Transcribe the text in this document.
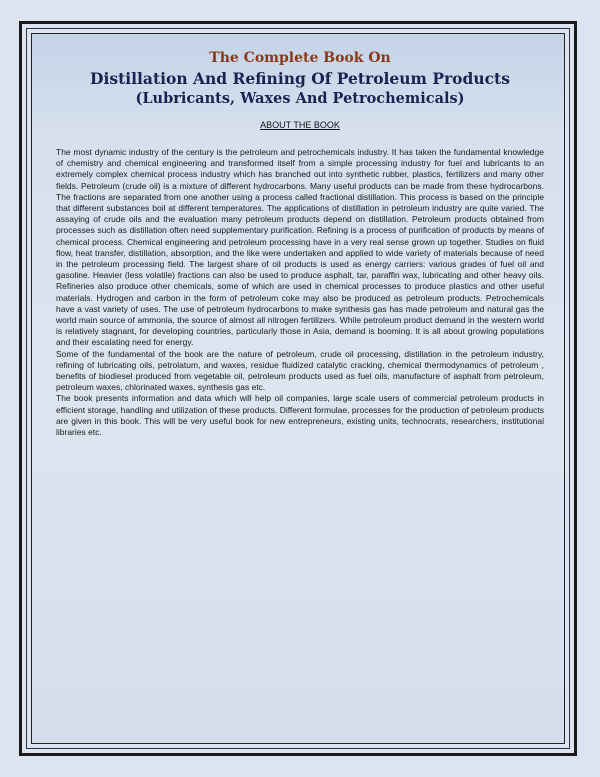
The Complete Book On

Distillation And Refining Of Petroleum Products

(Lubricants, Waxes And Petrochemicals)

ABOUT THE BOOK

The most dynamic industry of the century is the petroleum and petrochemicals industry. It has taken the fundamental knowledge of chemistry and chemical engineering and transformed itself from a simple processing industry for fuel and lubricants to an extremely complex chemical process industry which has branched out into synthetic rubber, plastics, fertilizers and many other fields. Petroleum (crude oil) is a mixture of different hydrocarbons. Many useful products can be made from these hydrocarbons. The fractions are separated from one another using a process called fractional distillation. This process is based on the principle that different substances boil at different temperatures. The applications of distillation in petroleum industry are quite varied. The assaying of crude oils and the evaluation many petroleum products depend on distillation. Petroleum products obtained from processes such as distillation often need supplementary purification. Refining is a process of purification of products by means of chemical process. Chemical engineering and petroleum processing have in a very real sense grown up together. Studies on fluid flow, heat transfer, distillation, absorption, and the like were undertaken and applied to wide variety of materials because of need in the petroleum processing field. The largest share of oil products is used as energy carriers: various grades of fuel oil and gasoline. Heavier (less volatile) fractions can also be used to produce asphalt, tar, paraffin wax, lubricating and other heavy oils. Refineries also produce other chemicals, some of which are used in chemical processes to produce plastics and other useful materials. Hydrogen and carbon in the form of petroleum coke may also be produced as petroleum products. Petrochemicals have a vast variety of uses. The use of petroleum hydrocarbons to make synthesis gas has made petroleum and natural gas the world main source of ammonia, the source of almost all nitrogen fertilizers. While petroleum product demand in the western world is relatively stagnant, for developing countries, particularly those in Asia, demand is booming. It is all about growing populations and their escalating need for energy.

Some of the fundamental of the book are the nature of petroleum, crude oil processing, distillation in the petroleum industry, refining of lubricating oils, petrolatum, and waxes, residue fluidized catalytic cracking, chemical thermodynamics of petroleum , benefits of biodiesel produced from vegetable oil, petroleum products used as fuel oils, manufacture of asphalt from petroleum, petroleum waxes, chlorinated waxes, synthesis gas etc.

The book presents information and data which will help oil companies, large scale users of commercial petroleum products in efficient storage, handling and utilization of these products. Different formulae, processes for the production of petroleum products are given in this book. This will be very useful book for new entrepreneurs, existing units, technocrats, researchers, institutional libraries etc.
